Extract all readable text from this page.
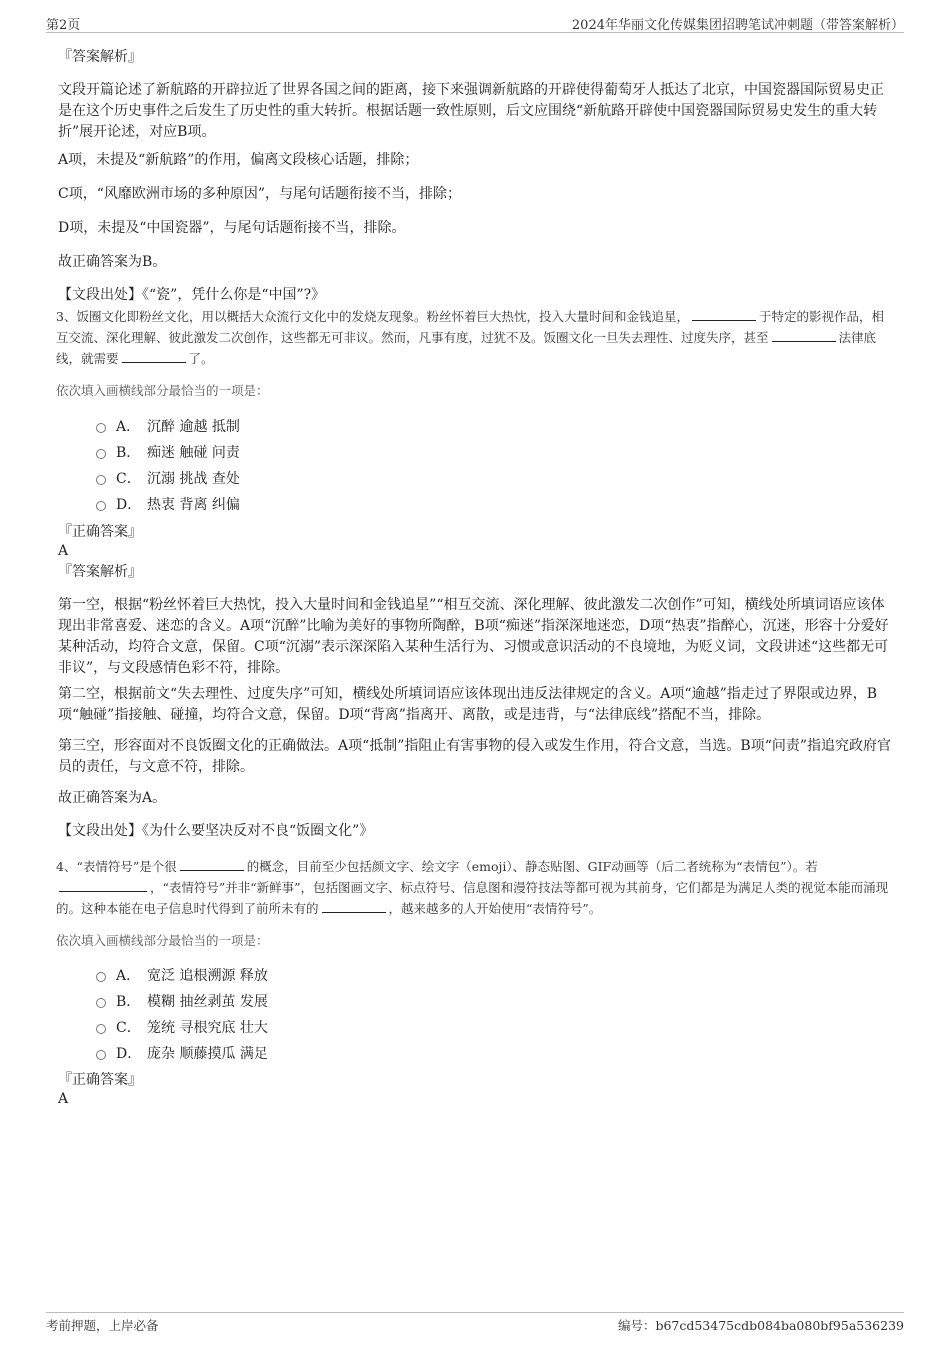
第2页	2024年华丽文化传媒集团招聘笔试冲刺题（带答案解析）

『答案解析』

文段开篇论述了新航路的开辟拉近了世界各国之间的距离，接下来强调新航路的开辟使得葡萄牙人抵达了北京，中国瓷器国际贸易史正是在这个历史事件之后发生了历史性的重大转折。根据话题一致性原则，后文应围绕“新航路开辟使中国瓷器国际贸易史发生的重大转折”展开论述，对应B项。

A项，未提及“新航路”的作用，偏离文段核心话题，排除；

C项，“风靡欧洲市场的多种原因”，与尾句话题衔接不当，排除；

D项，未提及“中国瓷器”，与尾句话题衔接不当，排除。

故正确答案为B。

【文段出处】《“瓷”，凭什么你是“中国”?》

3、饭圈文化即粉丝文化，用以概括大众流行文化中的发烧友现象。粉丝怀着巨大热忱，投入大量时间和金钱追星，	于特定的影视作品，相互交流、深化理解、彼此激发二次创作，这些都无可非议。然而，凡事有度，过犹不及。饭圈文化一旦失去理性、过度失序，甚至	法律底线，就需要	了。

依次填入画横线部分最恰当的一项是：

A． 沉醉 逾越 抵制
B． 痴迷 触碰 问责
C． 沉溺 挑战 查处
D． 热衷 背离 纠偏

『正确答案』

A

『答案解析』

第一空，根据“粉丝怀着巨大热忱，投入大量时间和金钱追星”“相互交流、深化理解、彼此激发二次创作”可知，横线处所填词语应该体现出非常喜爱、迷恋的含义。A项“沉醉”比喻为美好的事物所陶醉，B项“痴迷”指深深地迷恋，D项“热衷”指醉心，沉迷，形容十分爱好某种活动，均符合文意，保留。C项“沉溺”表示深深陷入某种生活行为、习惯或意识活动的不良境地，为贬义词，文段讲述“这些都无可非议”，与文段感情色彩不符，排除。

第二空，根据前文“失去理性、过度失序”可知，横线处所填词语应该体现出违反法律规定的含义。A项“逾越”指走过了界限或边界，B项“触碰”指接触、碰撞，均符合文意，保留。D项“背离”指离开、离散，或是违背，与“法律底线”搭配不当，排除。

第三空，形容面对不良饭圈文化的正确做法。A项“抵制”指阻止有害事物的侵入或发生作用，符合文意，当选。B项“问责”指追究政府官员的责任，与文意不符，排除。

故正确答案为A。

【文段出处】《为什么要坚决反对不良“饭圈文化”》

4、“表情符号”是个很	的概念，目前至少包括颜文字、绘文字（emoji）、静态贴图、GIF动画等（后二者统称为“表情包”）。若，“表情符号”并非“新鲜事”，包括图画文字、标点符号、信息图和漫符技法等都可视为其前身，它们都是为满足人类的视觉本能而涌现的。这种本能在电子信息时代得到了前所未有的	，越来越多的人开始使用“表情符号”。

依次填入画横线部分最恰当的一项是：

A． 宽泛 追根溯源 释放
B． 模糊 抽丝剥茧 发展
C． 笼统 寻根究底 壮大
D． 庞杂 顺藤摸瓜 满足

『正确答案』

A

考前押题，上岸必备	编号：b67cd53475cdb084ba080bf95a536239
